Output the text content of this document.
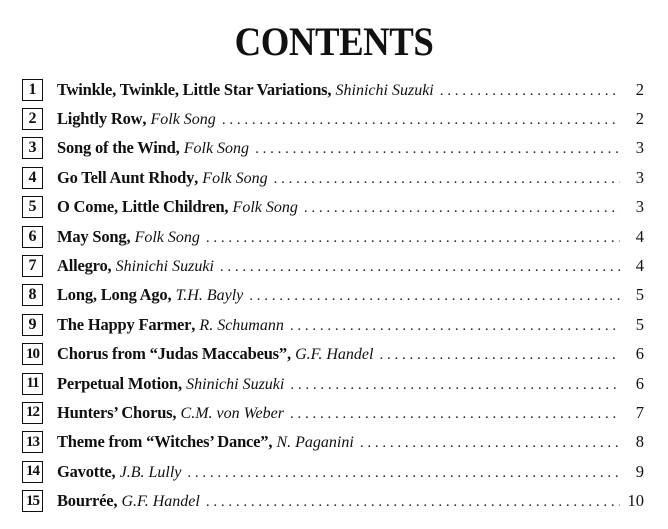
CONTENTS
1	Twinkle, Twinkle, Little Star Variations , Shinichi Suzuki . . .	2
2	Lightly Row , Folk Song . . .	2
3	Song of the Wind , Folk Song . . .	3
4	Go Tell Aunt Rhody , Folk Song . . .	3
5	O Come, Little Children , Folk Song . . .	3
6	May Song , Folk Song . . .	4
7	Allegro , Shinichi Suzuki . . .	4
8	Long, Long Ago , T.H. Bayly . . .	5
9	The Happy Farmer , R. Schumann . . .	5
10 Chorus from “Judas Maccabeus” , G.F. Handel . . .	6
11 Perpetual Motion , Shinichi Suzuki . . .	6
12 Hunters’ Chorus , C.M. von Weber . . .	7
13 Theme from “Witches’ Dance” , N. Paganini . . .	8
14 Gavotte , J.B. Lully . . .	9
15 Bourrée , G.F. Handel . . .	10
